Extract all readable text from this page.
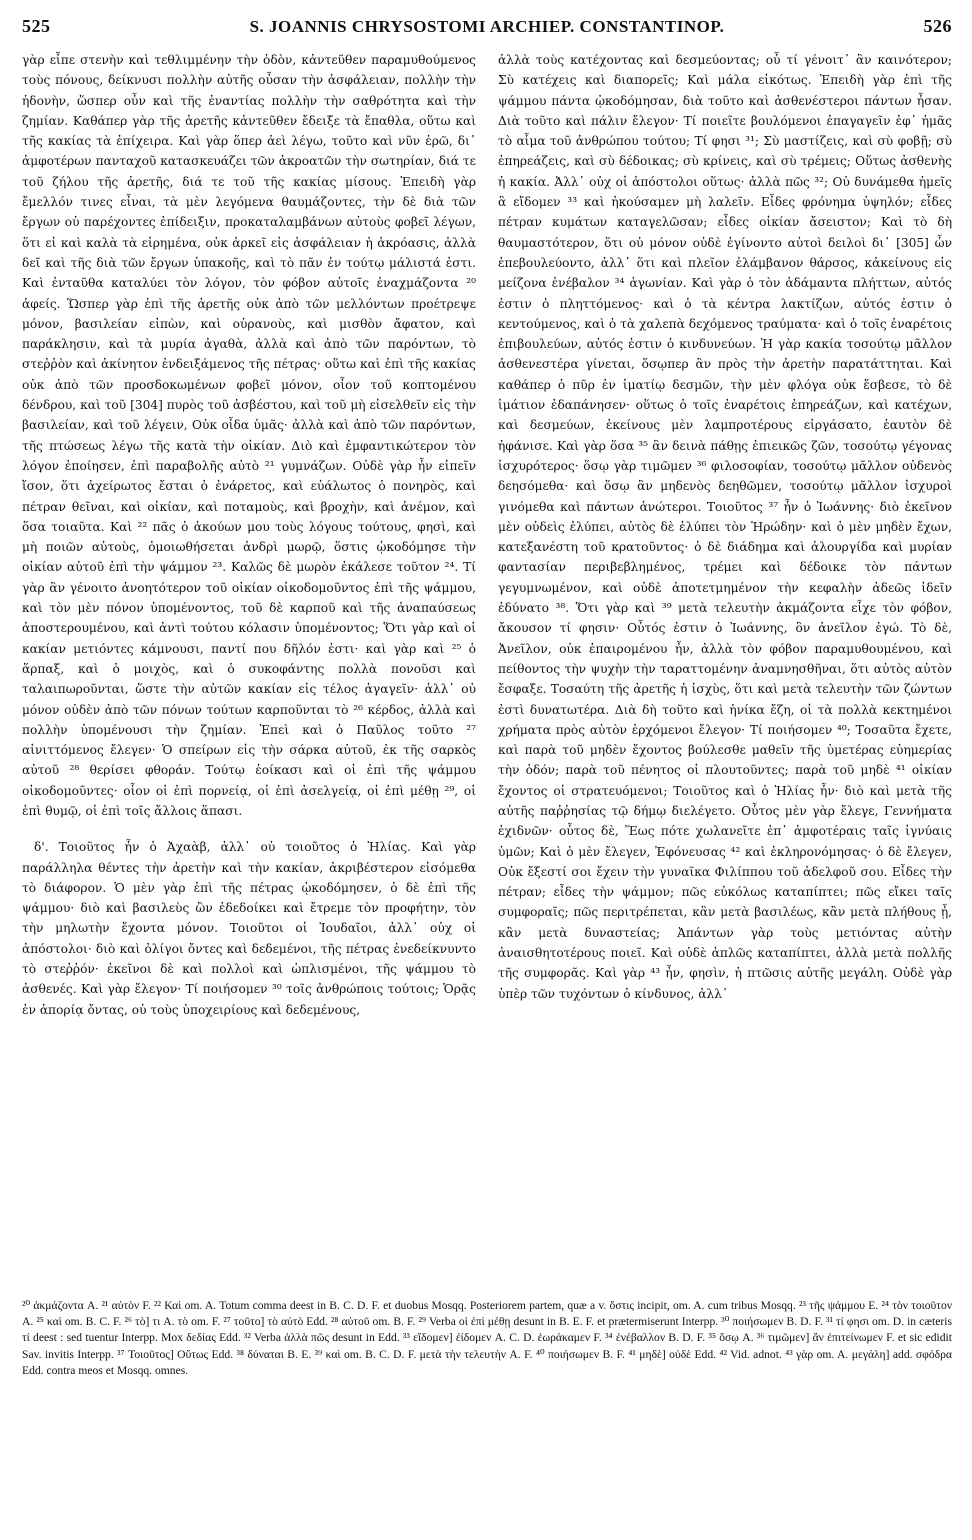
525	S. JOANNIS CHRYSOSTOMI ARCHIEP. CONSTANTINOP.	526

γὰρ εἶπε στενὴν καὶ τεθλιμμένην τὴν ὁδὸν, κἀντεῦθεν παραμυθούμενος τοὺς πόνους, δείκνυσι πολλὴν αὐτῆς οὖσαν τὴν ἀσφάλειαν, πολλὴν τὴν ἡδονὴν, ὥσπερ οὖν καὶ τῆς ἐναντίας πολλὴν τὴν σαθρότητα καὶ τὴν ζημίαν. Καθάπερ γὰρ τῆς ἀρετῆς κἀντεῦθεν ἔδειξε τὰ ἔπαθλα, οὕτω καὶ τῆς κακίας τὰ ἐπίχειρα. Καὶ γὰρ ὅπερ ἀεὶ λέγω, τοῦτο καὶ νῦν ἐρῶ, δι᾽ ἀμφοτέρων πανταχοῦ κατασκευάζει τῶν ἀκροατῶν τὴν σωτηρίαν, διά τε τοῦ ζήλου τῆς ἀρετῆς, διά τε τοῦ τῆς κακίας μίσους. Ἐπειδὴ γὰρ ἔμελλόν τινες εἶναι, τὰ μὲν λεγόμενα θαυμάζοντες, τὴν δὲ διὰ τῶν ἔργων οὐ παρέχοντες ἐπίδειξιν, προκαταλαμβάνων αὐτοὺς φοβεῖ λέγων, ὅτι εἰ καὶ καλὰ τὰ εἰρημένα, οὐκ ἀρκεῖ εἰς ἀσφάλειαν ἡ ἀκρόασις, ἀλλὰ δεῖ καὶ τῆς διὰ τῶν ἔργων ὑπακοῆς, καὶ τὸ πᾶν ἐν τούτῳ μάλιστά ἐστι. Καὶ ἐνταῦθα καταλύει τὸν λόγον, τὸν φόβον αὐτοῖς ἐναχμάζοντα ²⁰ ἀφείς. Ὥσπερ γὰρ ἐπὶ τῆς ἀρετῆς οὐκ ἀπὸ τῶν μελλόντων προέτρεψε μόνον, βασιλείαν εἰπὼν, καὶ οὐρανοὺς, καὶ μισθὸν ἄφατον, καὶ παράκλησιν, καὶ τὰ μυρία ἀγαθὰ, ἀλλὰ καὶ ἀπὸ τῶν παρόντων, τὸ στεῤῥὸν καὶ ἀκίνητον ἐνδειξάμενος τῆς πέτρας· οὕτω καὶ ἐπὶ τῆς κακίας οὐκ ἀπὸ τῶν προσδοκωμένων φοβεῖ μόνον, οἷον τοῦ κοπτομένου δένδρου, καὶ τοῦ [304] πυρὸς τοῦ ἀσβέστου, καὶ τοῦ μὴ εἰσελθεῖν εἰς τὴν βασιλείαν, καὶ τοῦ λέγειν, Οὐκ οἶδα ὑμᾶς· ἀλλὰ καὶ ἀπὸ τῶν παρόντων, τῆς πτώσεως λέγω τῆς κατὰ τὴν οἰκίαν. Διὸ καὶ ἐμφαντικώτερον τὸν λόγον ἐποίησεν, ἐπὶ παραβολῆς αὐτὸ ²¹ γυμνάζων. Οὐδὲ γὰρ ἦν εἰπεῖν ἴσον, ὅτι ἀχείρωτος ἔσται ὁ ἐνάρετος, καὶ εὐάλωτος ὁ πονηρὸς, καὶ πέτραν θεῖναι, καὶ οἰκίαν, καὶ ποταμοὺς, καὶ βροχὴν, καὶ ἀνέμον, καὶ ὅσα τοιαῦτα. Καὶ ²² πᾶς ὁ ἀκούων μου τοὺς λόγους τούτους, φησὶ, καὶ μὴ ποιῶν αὐτοὺς, ὁμοιωθήσεται ἀνδρὶ μωρῷ, ὅστις ᾠκοδόμησε τὴν οἰκίαν αὐτοῦ ἐπὶ τὴν ψάμμον ²³. Καλῶς δὲ μωρὸν ἐκάλεσε τοῦτον ²⁴. Τί γὰρ ἂν γένοιτο ἀνοητότερον τοῦ οἰκίαν οἰκοδομοῦντος ἐπὶ τῆς ψάμμου, καὶ τὸν μὲν πόνον ὑπομένοντος, τοῦ δὲ καρποῦ καὶ τῆς ἀναπαύσεως ἀποστερουμένου, καὶ ἀντὶ τούτου κόλασιν ὑπομένοντος; Ὅτι γὰρ καὶ οἱ κακίαν μετιόντες κάμνουσι, παντί που δῆλόν ἐστι· καὶ γὰρ καὶ ²⁵ ὁ ἅρπαξ, καὶ ὁ μοιχὸς, καὶ ὁ συκοφάντης πολλὰ πονοῦσι καὶ ταλαιπωροῦνται, ὥστε τὴν αὐτῶν κακίαν εἰς τέλος ἀγαγεῖν· ἀλλ᾽ οὐ μόνον οὐδὲν ἀπὸ τῶν πόνων τούτων καρποῦνται τὸ ²⁶ κέρδος, ἀλλὰ καὶ πολλὴν ὑπομένουσι τὴν ζημίαν. Ἐπεὶ καὶ ὁ Παῦλος τοῦτο ²⁷ αἰνιττόμενος ἔλεγεν· Ὁ σπείρων εἰς τὴν σάρκα αὐτοῦ, ἐκ τῆς σαρκὸς αὐτοῦ ²⁸ θερίσει φθοράν. Τούτῳ ἐοίκασι καὶ οἱ ἐπὶ τῆς ψάμμου οἰκοδομοῦντες· οἷον οἱ ἐπὶ πορνείᾳ, οἱ ἐπὶ ἀσελγείᾳ, οἱ ἐπὶ μέθῃ ²⁹, οἱ ἐπὶ θυμῷ, οἱ ἐπὶ τοῖς ἄλλοις ἅπασι.

δ'. Τοιοῦτος ἦν ὁ Ἀχαὰβ, ἀλλ᾽ οὐ τοιοῦτος ὁ Ἠλίας. Καὶ γὰρ παράλληλα θέντες τὴν ἀρετὴν καὶ τὴν κακίαν, ἀκριβέστερον εἰσόμεθα τὸ διάφορον. Ὁ μὲν γὰρ ἐπὶ τῆς πέτρας ᾠκοδόμησεν, ὁ δὲ ἐπὶ τῆς ψάμμου· διὸ καὶ βασιλεὺς ὢν ἐδεδοίκει καὶ ἔτρεμε τὸν προφήτην, τὸν τὴν μηλωτὴν ἔχοντα μόνον. Τοιοῦτοι οἱ Ἰουδαῖοι, ἀλλ᾽ οὐχ οἱ ἀπόστολοι· διὸ καὶ ὀλίγοι ὄντες καὶ δεδεμένοι, τῆς πέτρας ἐνεδείκνυντο τὸ στεῤῥόν· ἐκεῖνοι δὲ καὶ πολλοὶ καὶ ὡπλισμένοι, τῆς ψάμμου τὸ ἀσθενές. Καὶ γὰρ ἔλεγον· Τί ποιήσομεν ³⁰ τοῖς ἀνθρώποις τούτοις; Ὁρᾷς ἐν ἀπορίᾳ ὄντας, οὐ τοὺς ὑποχειρίους καὶ δεδεμένους,

ἀλλὰ τοὺς κατέχοντας καὶ δεσμεύοντας; οὗ τί γένοιτ᾽ ἂν καινότερον; Σὺ κατέχεις καὶ διαπορεῖς; Καὶ μάλα εἰκότως. Ἐπειδὴ γὰρ ἐπὶ τῆς ψάμμου πάντα ᾠκοδόμησαν, διὰ τοῦτο καὶ ἀσθενέστεροι πάντων ἦσαν. Διὰ τοῦτο καὶ πάλιν ἔλεγον· Τί ποιεῖτε βουλόμενοι ἐπαγαγεῖν ἐφ᾽ ἡμᾶς τὸ αἷμα τοῦ ἀνθρώπου τούτου; Τί φησι ³¹; Σὺ μαστίζεις, καὶ σὺ φοβῇ; σὺ ἐπηρεάζεις, καὶ σὺ δέδοικας; σὺ κρίνεις, καὶ σὺ τρέμεις; Οὕτως ἀσθενὴς ἡ κακία. Ἀλλ᾽ οὐχ οἱ ἀπόστολοι οὕτως· ἀλλὰ πῶς ³²; Οὐ δυνάμεθα ἡμεῖς ἃ εἴδομεν ³³ καὶ ἠκούσαμεν μὴ λαλεῖν. Εἶδες φρόνημα ὑψηλόν; εἶδες πέτραν κυμάτων καταγελῶσαν; εἶδες οἰκίαν ἄσειστον; Καὶ τὸ δὴ θαυμαστότερον, ὅτι οὐ μόνον οὐδὲ ἐγίνοντο αὐτοὶ δειλοὶ δι᾽ [305] ὧν ἐπεβουλεύοντο, ἀλλ᾽ ὅτι καὶ πλεῖον ἐλάμβανον θάρσος, κἀκείνους εἰς μείζονα ἐνέβαλον ³⁴ ἀγωνίαν. Καὶ γὰρ ὁ τὸν ἀδάμαντα πλήττων, αὐτός ἐστιν ὁ πληττόμενος· καὶ ὁ τὰ κέντρα λακτίζων, αὐτός ἐστιν ὁ κεντούμενος, καὶ ὁ τὰ χαλεπὰ δεχόμενος τραύματα· καὶ ὁ τοῖς ἐναρέτοις ἐπιβουλεύων, αὐτός ἐστιν ὁ κινδυνεύων. Ἡ γὰρ κακία τοσούτῳ μᾶλλον ἀσθενεστέρα γίνεται, ὅσῳπερ ἂν πρὸς τὴν ἀρετὴν παρατάττηται. Καὶ καθάπερ ὁ πῦρ ἐν ἱματίῳ δεσμῶν, τὴν μὲν φλόγα οὐκ ἔσβεσε, τὸ δὲ ἱμάτιον ἐδαπάνησεν· οὕτως ὁ τοῖς ἐναρέτοις ἐπηρεάζων, καὶ κατέχων, καὶ δεσμεύων, ἐκείνους μὲν λαμπροτέρους εἰργάσατο, ἑαυτὸν δὲ ἠφάνισε. Καὶ γὰρ ὅσα ³⁵ ἂν δεινὰ πάθῃς ἐπιεικῶς ζῶν, τοσούτῳ γέγονας ἰσχυρότερος· ὅσῳ γὰρ τιμῶμεν ³⁶ φιλοσοφίαν, τοσούτῳ μᾶλλον οὐδενὸς δεησόμεθα· καὶ ὅσῳ ἂν μηδενὸς δεηθῶμεν, τοσούτῳ μᾶλλον ἰσχυροὶ γινόμεθα καὶ πάντων ἀνώτεροι. Τοιοῦτος ³⁷ ἦν ὁ Ἰωάννης· διὸ ἐκεῖνον μὲν οὐδεὶς ἐλύπει, αὐτὸς δὲ ἐλύπει τὸν Ἡρώδην· καὶ ὁ μὲν μηδὲν ἔχων, κατεξανέστη τοῦ κρατοῦντος· ὁ δὲ διάδημα καὶ ἁλουργίδα καὶ μυρίαν φαντασίαν περιβεβλημένος, τρέμει καὶ δέδοικε τὸν πάντων γεγυμνωμένον, καὶ οὐδὲ ἀποτετμημένον τὴν κεφαλὴν ἀδεῶς ἰδεῖν ἐδύνατο ³⁸. Ὅτι γὰρ καὶ ³⁹ μετὰ τελευτὴν ἀκμάζοντα εἶχε τὸν φόβον, ἄκουσον τί φησιν· Οὗτός ἐστιν ὁ Ἰωάννης, ὃν ἀνεῖλον ἐγώ. Τὸ δὲ, Ἀνεῖλον, οὐκ ἐπαιρομένου ἦν, ἀλλὰ τὸν φόβον παραμυθουμένου, καὶ πείθοντος τὴν ψυχὴν τὴν ταραττομένην ἀναμνησθῆναι, ὅτι αὐτὸς αὐτὸν ἔσφαξε. Τοσαύτη τῆς ἀρετῆς ἡ ἰσχὺς, ὅτι καὶ μετὰ τελευτὴν τῶν ζώντων ἐστὶ δυνατωτέρα. Διὰ δὴ τοῦτο καὶ ἡνίκα ἔζη, οἱ τὰ πολλὰ κεκτημένοι χρήματα πρὸς αὐτὸν ἐρχόμενοι ἔλεγον· Τί ποιήσομεν ⁴⁰; Τοσαῦτα ἔχετε, καὶ παρὰ τοῦ μηδὲν ἔχοντος βούλεσθε μαθεῖν τῆς ὑμετέρας εὐημερίας τὴν ὁδόν; παρὰ τοῦ πένητος οἱ πλουτοῦντες; παρὰ τοῦ μηδὲ ⁴¹ οἰκίαν ἔχοντος οἱ στρατευόμενοι; Τοιοῦτος καὶ ὁ Ἠλίας ἦν· διὸ καὶ μετὰ τῆς αὐτῆς παῤῥησίας τῷ δήμῳ διελέγετο. Οὗτος μὲν γὰρ ἔλεγε, Γεννήματα ἐχιδνῶν· οὗτος δὲ, Ἕως πότε χωλανεῖτε ἐπ᾽ ἀμφοτέραις ταῖς ἰγνύαις ὑμῶν; Καὶ ὁ μὲν ἔλεγεν, Ἐφόνευσας ⁴² καὶ ἐκληρονόμησας· ὁ δὲ ἔλεγεν, Οὐκ ἔξεστί σοι ἔχειν τὴν γυναῖκα Φιλίππου τοῦ ἀδελφοῦ σου. Εἶδες τὴν πέτραν; εἶδες τὴν ψάμμον; πῶς εὐκόλως καταπίπτει; πῶς εἴκει ταῖς συμφοραῖς; πῶς περιτρέπεται, κἂν μετὰ βασιλέως, κἂν μετὰ πλήθους ᾖ, κἂν μετὰ δυναστείας; Ἀπάντων γὰρ τοὺς μετιόντας αὐτὴν ἀναισθητοτέρους ποιεῖ. Καὶ οὐδὲ ἁπλῶς καταπίπτει, ἀλλὰ μετὰ πολλῆς τῆς συμφορᾶς. Καὶ γὰρ ⁴³ ἦν, φησὶν, ἡ πτῶσις αὐτῆς μεγάλη. Οὐδὲ γὰρ ὑπὲρ τῶν τυχόντων ὁ κίνδυνος, ἀλλ᾽

²⁰ ἀκμάζοντα A. ²¹ αὐτὸν F. ²² Καὶ om. A. Totum comma deest in B. C. D. F. et duobus Mosqq. Posteriorem partem, quæ a v. ὅστις incipit, om. A. cum tribus Mosqq. ²³ τῆς ψάμμου E. ²⁴ τὸν τοιοῦτον A. ²⁵ καὶ om. B. C. F. ²⁶ τὸ] τι A. τὸ om. F. ²⁷ τοῦτο] τὸ αὐτὸ Edd. ²⁸ αὐτοῦ om. B. F. ²⁹ Verba οἱ ἐπὶ μέθῃ desunt in B. E. F. et prætermiserunt Interpp. ³⁰ ποιήσωμεν B. D. F. ³¹ τί φησι om. D. in cæteris τί deest : sed tuentur Interpp. Mox δεδίας Edd. ³² Verba ἀλλὰ πῶς desunt in Edd. ³³ εἴδομεν] ἐίδομεν A. C. D. ἑωράκαμεν F. ³⁴ ἐνέβαλλον B. D. F. ³⁵ ὅσῳ A. ³⁶ τιμῶμεν] ἂν ἐπιτείνωμεν F. et sic edidit Sav. invitis Interpp. ³⁷ Τοιοῦτος] Οὕτως Edd. ³⁸ δύναται B. E. ³⁹ καὶ om. B. C. D. F. μετὰ τὴν τελευτὴν A. F. ⁴⁰ ποιήσωμεν B. F. ⁴¹ μηδὲ] οὐδὲ Edd. ⁴² Vid. adnot. ⁴³ γὰρ om. A. μεγάλη] add. σφόδρα Edd. contra meos et Mosqq. omnes.
